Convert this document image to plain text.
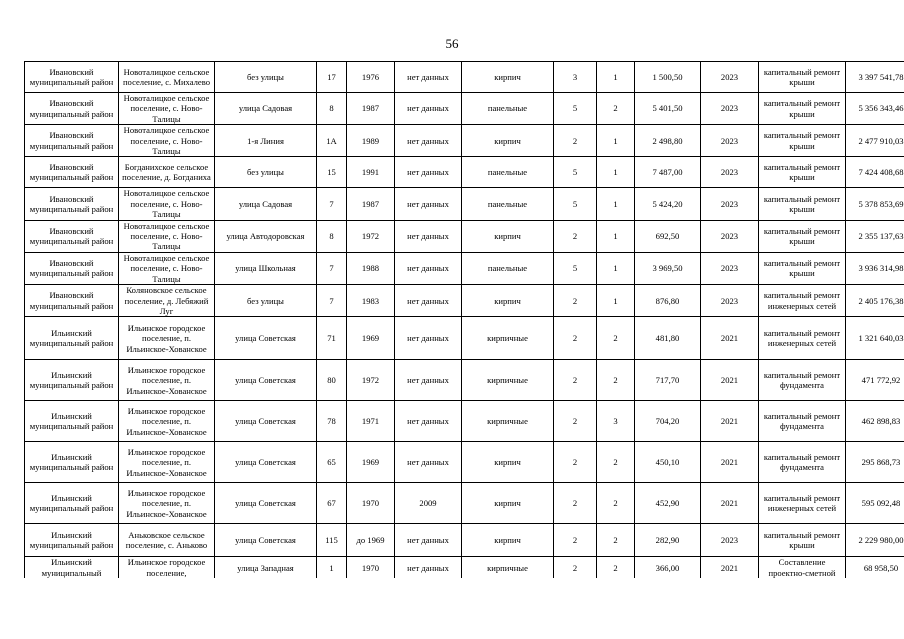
56
Ивановский муниципальный район	Новоталицкое сельское поселение, с. Михалево	без улицы	17	1976	нет данных	кирпич	3	1	1 500,50	2023	капитальный ремонт крыши	3 397 541,78
Ивановский муниципальный район	Новоталицкое сельское поселение, с. Ново-Талицы	улица Садовая	8	1987	нет данных	панельные	5	2	5 401,50	2023	капитальный ремонт крыши	5 356 343,46
Ивановский муниципальный район	Новоталицкое сельское поселение, с. Ново-Талицы	1-я Линия	1А	1989	нет данных	кирпич	2	1	2 498,80	2023	капитальный ремонт крыши	2 477 910,03
Ивановский муниципальный район	Богданихское сельское поселение, д. Богданиха	без улицы	15	1991	нет данных	панельные	5	1	7 487,00	2023	капитальный ремонт крыши	7 424 408,68
Ивановский муниципальный район	Новоталицкое сельское поселение, с. Ново-Талицы	улица Садовая	7	1987	нет данных	панельные	5	1	5 424,20	2023	капитальный ремонт крыши	5 378 853,69
Ивановский муниципальный район	Новоталицкое сельское поселение, с. Ново-Талицы	улица Автодоровская	8	1972	нет данных	кирпич	2	1	692,50	2023	капитальный ремонт крыши	2 355 137,63
Ивановский муниципальный район	Новоталицкое сельское поселение, с. Ново-Талицы	улица Школьная	7	1988	нет данных	панельные	5	1	3 969,50	2023	капитальный ремонт крыши	3 936 314,98
Ивановский муниципальный район	Коляновское сельское поселение, д. Лебяжий Луг	без улицы	7	1983	нет данных	кирпич	2	1	876,80	2023	капитальный ремонт инженерных сетей	2 405 176,38
Ильинский муниципальный район	Ильинское городское поселение, п. Ильинское-Хованское	улица Советская	71	1969	нет данных	кирпичные	2	2	481,80	2021	капитальный ремонт инженерных сетей	1 321 640,03
Ильинский муниципальный район	Ильинское городское поселение, п. Ильинское-Хованское	улица Советская	80	1972	нет данных	кирпичные	2	2	717,70	2021	капитальный ремонт фундамента	471 772,92
Ильинский муниципальный район	Ильинское городское поселение, п. Ильинское-Хованское	улица Советская	78	1971	нет данных	кирпичные	2	3	704,20	2021	капитальный ремонт фундамента	462 898,83
Ильинский муниципальный район	Ильинское городское поселение, п. Ильинское-Хованское	улица Советская	65	1969	нет данных	кирпич	2	2	450,10	2021	капитальный ремонт фундамента	295 868,73
Ильинский муниципальный район	Ильинское городское поселение, п. Ильинское-Хованское	улица Советская	67	1970	2009	кирпич	2	2	452,90	2021	капитальный ремонт инженерных сетей	595 092,48
Ильинский муниципальный район	Аньковское сельское поселение, с. Аньково	улица Советская	115	до 1969	нет данных	кирпич	2	2	282,90	2023	капитальный ремонт крыши	2 229 980,00
Ильинский муниципальный	Ильинское городское поселение,	улица Западная	1	1970	нет данных	кирпичные	2	2	366,00	2021	Составление проектно-сметной	68 958,50
